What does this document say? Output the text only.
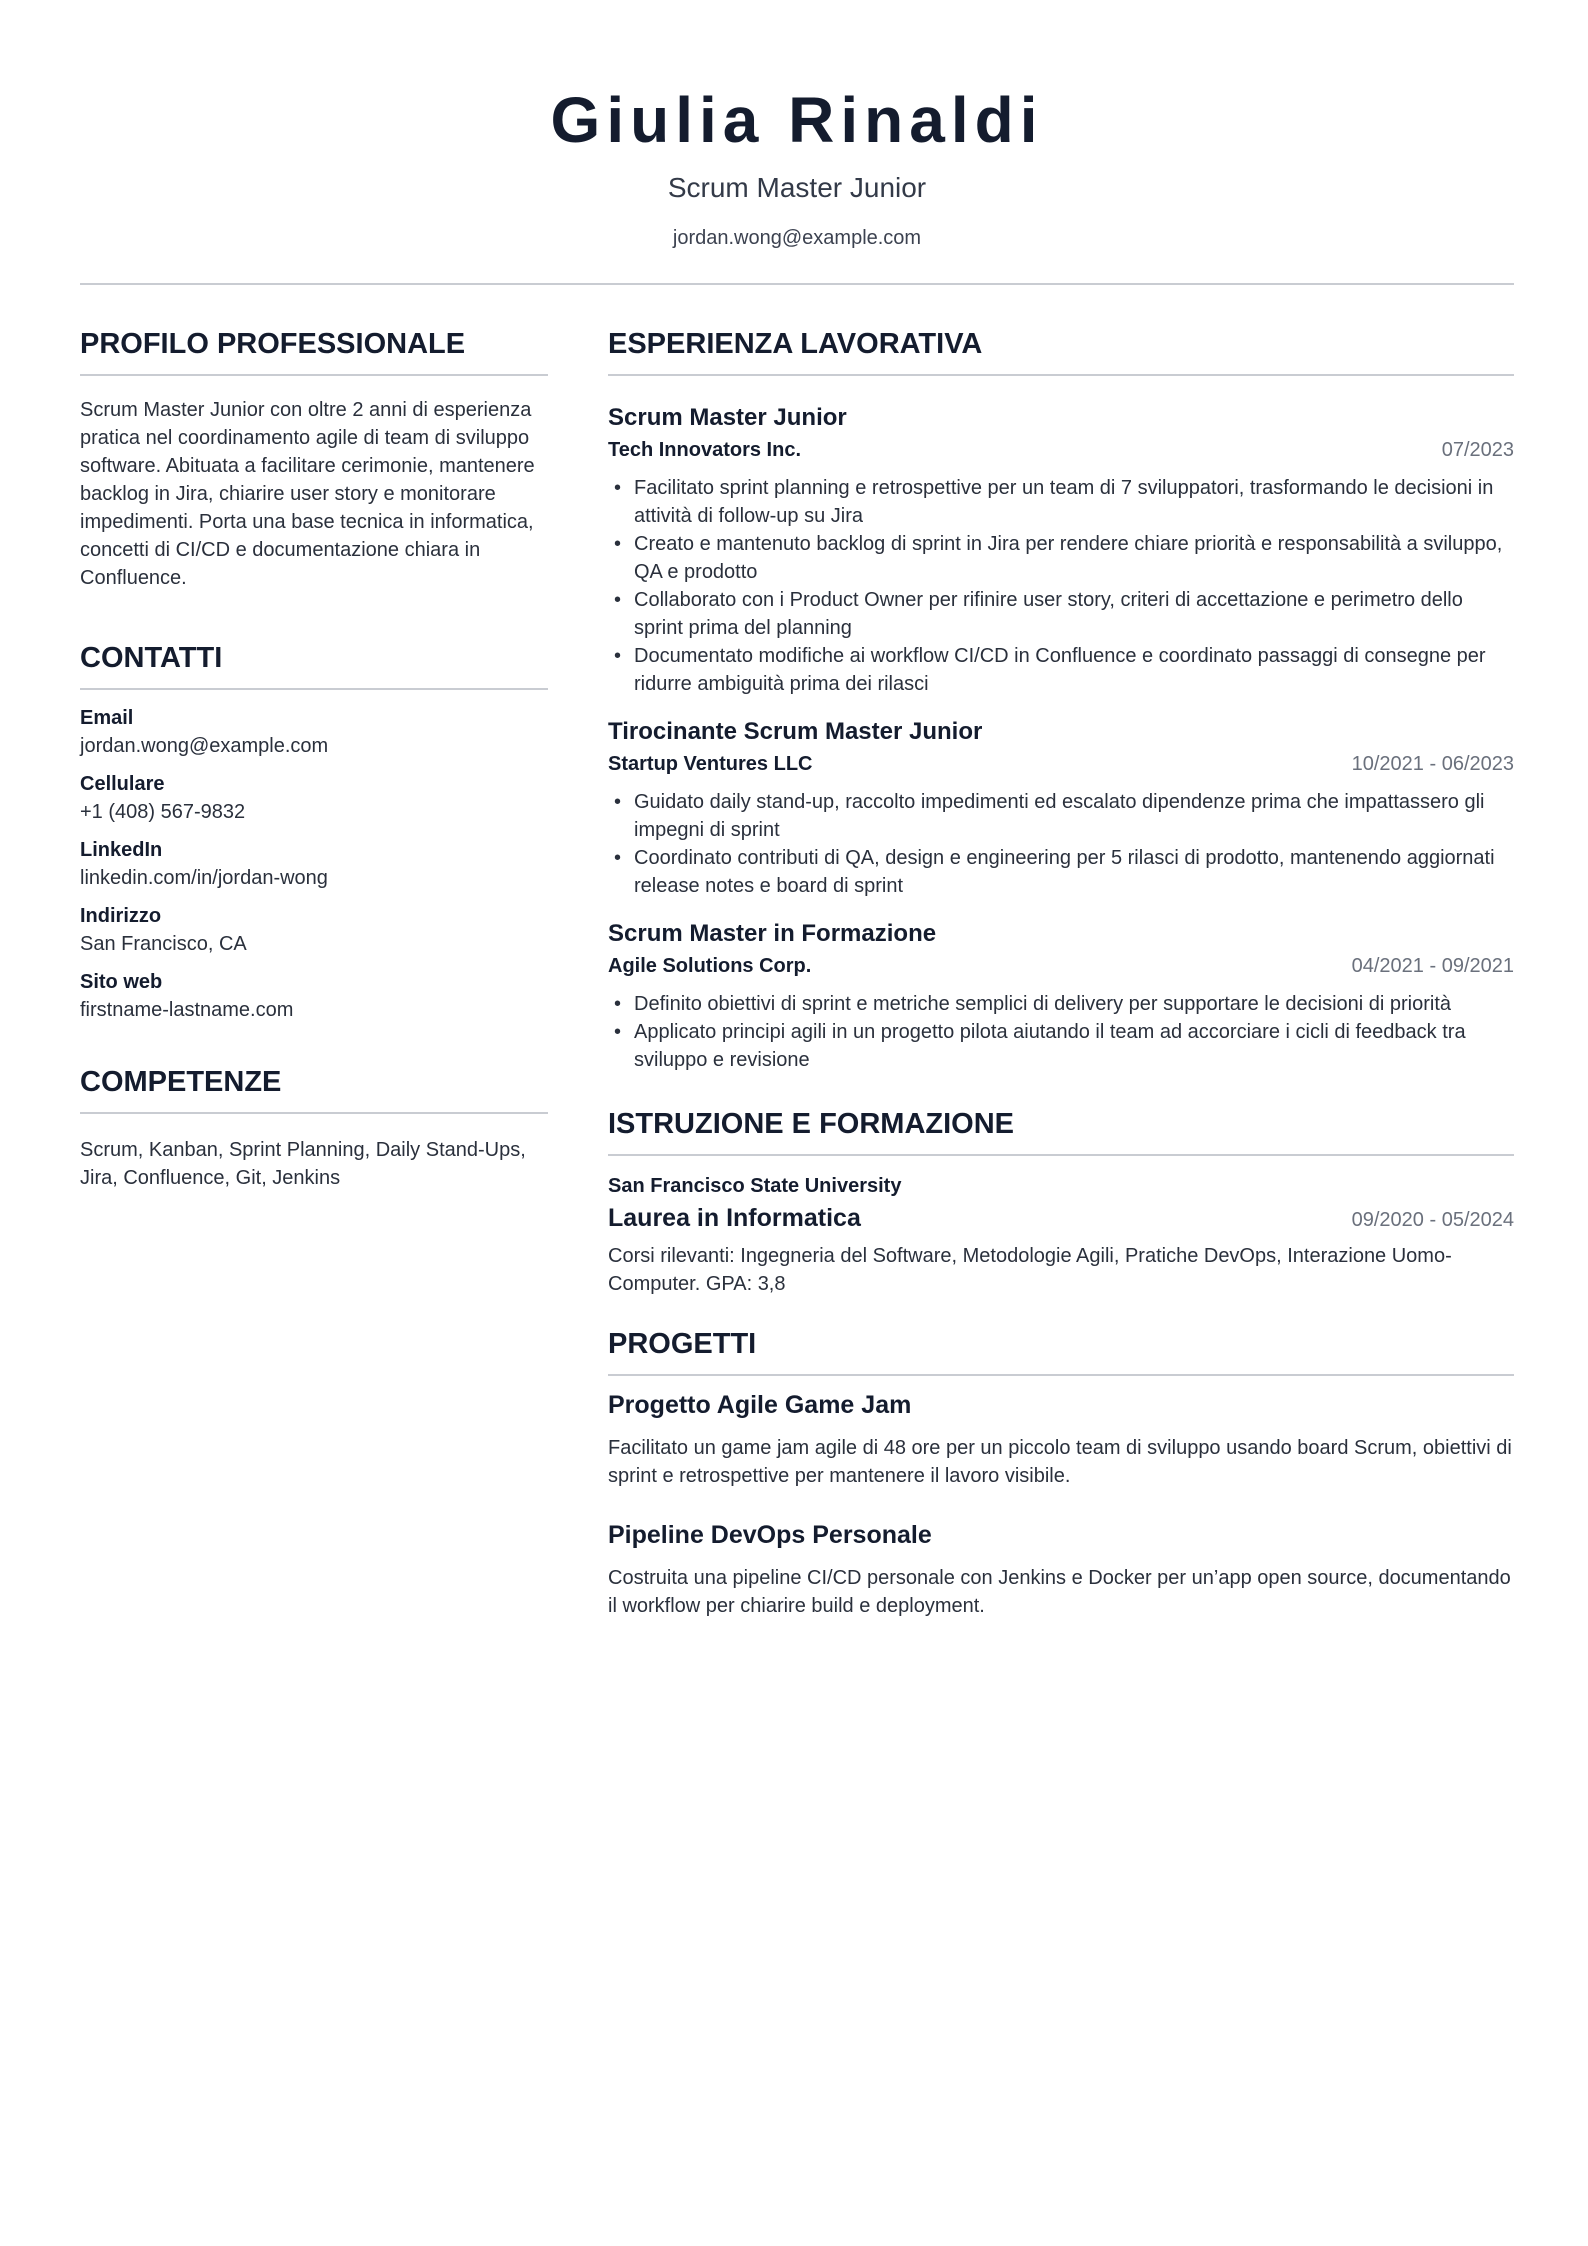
Giulia Rinaldi
Scrum Master Junior
jordan.wong@example.com
PROFILO PROFESSIONALE
Scrum Master Junior con oltre 2 anni di esperienza pratica nel coordinamento agile di team di sviluppo software. Abituata a facilitare cerimonie, mantenere backlog in Jira, chiarire user story e monitorare impedimenti. Porta una base tecnica in informatica, concetti di CI/CD e documentazione chiara in Confluence.
CONTATTI
Email
jordan.wong@example.com
Cellulare
+1 (408) 567-9832
LinkedIn
linkedin.com/in/jordan-wong
Indirizzo
San Francisco, CA
Sito web
firstname-lastname.com
COMPETENZE
Scrum, Kanban, Sprint Planning, Daily Stand-Ups, Jira, Confluence, Git, Jenkins
ESPERIENZA LAVORATIVA
Scrum Master Junior
Tech Innovators Inc.	07/2023
• Facilitato sprint planning e retrospettive per un team di 7 sviluppatori, trasformando le decisioni in attività di follow-up su Jira
• Creato e mantenuto backlog di sprint in Jira per rendere chiare priorità e responsabilità a sviluppo, QA e prodotto
• Collaborato con i Product Owner per rifinire user story, criteri di accettazione e perimetro dello sprint prima del planning
• Documentato modifiche ai workflow CI/CD in Confluence e coordinato passaggi di consegne per ridurre ambiguità prima dei rilasci
Tirocinante Scrum Master Junior
Startup Ventures LLC	10/2021 - 06/2023
• Guidato daily stand-up, raccolto impedimenti ed escalato dipendenze prima che impattassero gli impegni di sprint
• Coordinato contributi di QA, design e engineering per 5 rilasci di prodotto, mantenendo aggiornati release notes e board di sprint
Scrum Master in Formazione
Agile Solutions Corp.	04/2021 - 09/2021
• Definito obiettivi di sprint e metriche semplici di delivery per supportare le decisioni di priorità
• Applicato principi agili in un progetto pilota aiutando il team ad accorciare i cicli di feedback tra sviluppo e revisione
ISTRUZIONE E FORMAZIONE
San Francisco State University
Laurea in Informatica	09/2020 - 05/2024
Corsi rilevanti: Ingegneria del Software, Metodologie Agili, Pratiche DevOps, Interazione Uomo-Computer. GPA: 3,8
PROGETTI
Progetto Agile Game Jam
Facilitato un game jam agile di 48 ore per un piccolo team di sviluppo usando board Scrum, obiettivi di sprint e retrospettive per mantenere il lavoro visibile.
Pipeline DevOps Personale
Costruita una pipeline CI/CD personale con Jenkins e Docker per un’app open source, documentando il workflow per chiarire build e deployment.
